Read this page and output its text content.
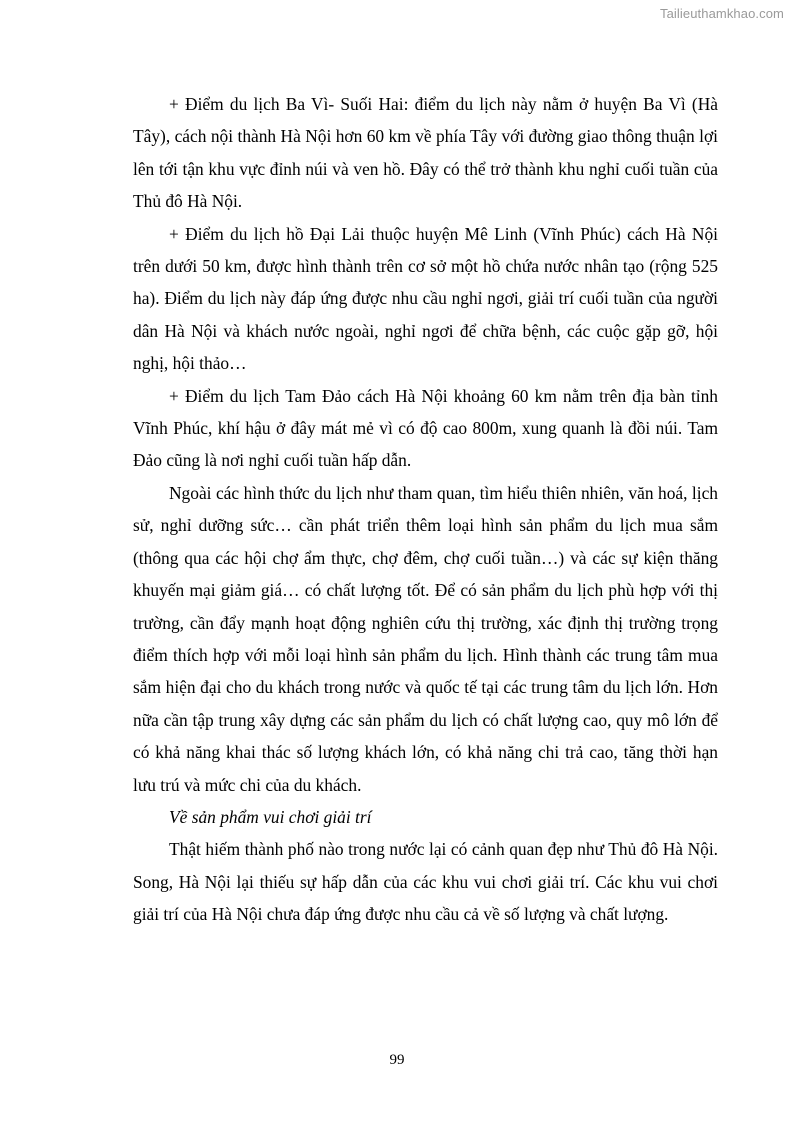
Tailieuthamkhao.com

+ Điểm du lịch Ba Vì- Suối Hai: điểm du lịch này nằm ở huyện Ba Vì (Hà Tây), cách nội thành Hà Nội hơn 60 km về phía Tây với đường giao thông thuận lợi lên tới tận khu vực đỉnh núi và ven hồ. Đây có thể trở thành khu nghỉ cuối tuần của Thủ đô Hà Nội.

+ Điểm du lịch hồ Đại Lải thuộc huyện Mê Linh (Vĩnh Phúc) cách Hà Nội trên dưới 50 km, được hình thành trên cơ sở một hồ chứa nước nhân tạo (rộng 525 ha). Điểm du lịch này đáp ứng được nhu cầu nghỉ ngơi, giải trí cuối tuần của người dân Hà Nội và khách nước ngoài, nghỉ ngơi để chữa bệnh, các cuộc gặp gỡ, hội nghị, hội thảo…

+ Điểm du lịch Tam Đảo cách Hà Nội khoảng 60 km nằm trên địa bàn tỉnh Vĩnh Phúc, khí hậu ở đây mát mẻ vì có độ cao 800m, xung quanh là đồi núi. Tam Đảo cũng là nơi nghỉ cuối tuần hấp dẫn.

Ngoài các hình thức du lịch như tham quan, tìm hiểu thiên nhiên, văn hoá, lịch sử, nghỉ dưỡng sức… cần phát triển thêm loại hình sản phẩm du lịch mua sắm (thông qua các hội chợ ẩm thực, chợ đêm, chợ cuối tuần…) và các sự kiện thăng khuyến mại giảm giá… có chất lượng tốt. Để có sản phẩm du lịch phù hợp với thị trường, cần đẩy mạnh hoạt động nghiên cứu thị trường, xác định thị trường trọng điểm thích hợp với mỗi loại hình sản phẩm du lịch. Hình thành các trung tâm mua sắm hiện đại cho du khách trong nước và quốc tế tại các trung tâm du lịch lớn. Hơn nữa cần tập trung xây dựng các sản phẩm du lịch có chất lượng cao, quy mô lớn để có khả năng khai thác số lượng khách lớn, có khả năng chi trả cao, tăng thời hạn lưu trú và mức chi của du khách.

Về sản phẩm vui chơi giải trí

Thật hiếm thành phố nào trong nước lại có cảnh quan đẹp như Thủ đô Hà Nội. Song, Hà Nội lại thiếu sự hấp dẫn của các khu vui chơi giải trí. Các khu vui chơi giải trí của Hà Nội chưa đáp ứng được nhu cầu cả về số lượng và chất lượng.

99
